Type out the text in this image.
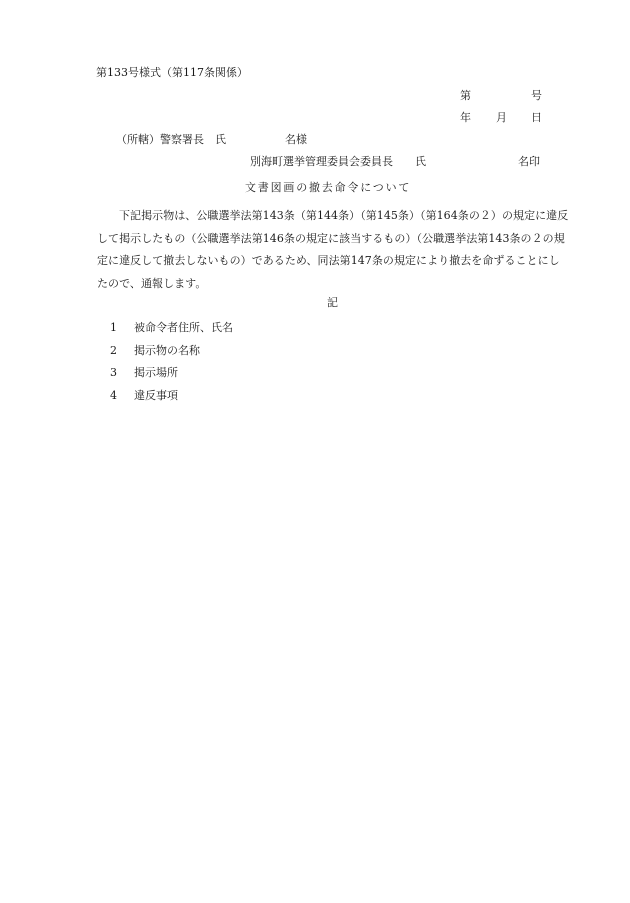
第133号様式（第117条関係）
第	号
年 月 日
（所轄）警察署長 氏	名様
別海町選挙管理委員会委員長 氏	名印
文書図画の撤去命令について
下記掲示物は、公職選挙法第143条（第144条）（第145条）（第164条の２）の規定に違反して掲示したもの（公職選挙法第146条の規定に該当するもの）（公職選挙法第143条の２の規定に違反して撤去しないもの）であるため、同法第147条の規定により撤去を命ずることにしたので、通報します。
記
1	被命令者住所、氏名
2	掲示物の名称
3	掲示場所
4	違反事項
